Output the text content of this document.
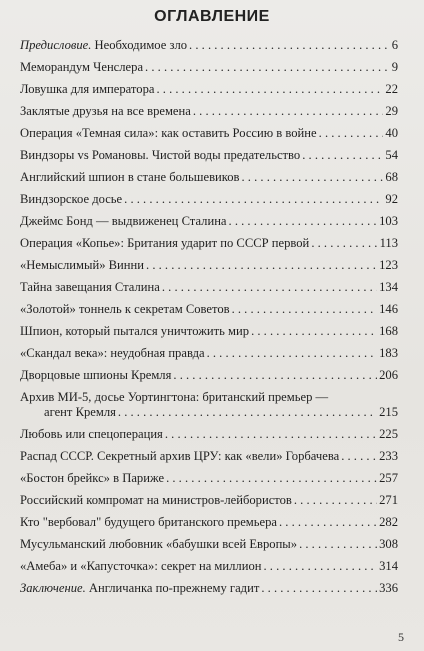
ОГЛАВЛЕНИЕ
Предисловие. Необходимое зло . . .	6
Меморандум Ченслера . . .	9
Ловушка для императора . . .	22
Заклятые друзья на все времена . . .	29
Операция «Темная сила»: как оставить Россию в войне . . .	40
Виндзоры vs Романовы. Чистой воды предательство . . .	54
Английский шпион в стане большевиков . . .	68
Виндзорское досье . . .	92
Джеймс Бонд — выдвиженец Сталина . . .	103
Операция «Копье»: Британия ударит по СССР первой . . .	113
«Немыслимый» Винни . . .	123
Тайна завещания Сталина . . .	134
«Золотой» тоннель к секретам Советов . . .	146
Шпион, который пытался уничтожить мир . . .	168
«Скандал века»: неудобная правда . . .	183
Дворцовые шпионы Кремля . . .	206
Архив МИ-5, досье Уортингтона: британский премьер —
агент Кремля . . .	215
Любовь или спецоперация . . .	225
Распад СССР. Секретный архив ЦРУ: как «вели» Горбачева . . .	233
«Бостон брейкс» в Париже . . .	257
Российский компромат на министров-лейбористов . . .	271
Кто "вербовал" будущего британского премьера . . .	282
Мусульманский любовник «бабушки всей Европы» . . .	308
«Амеба» и «Капусточка»: секрет на миллион . . .	314
Заключение. Англичанка по-прежнему гадит . . .	336
5
